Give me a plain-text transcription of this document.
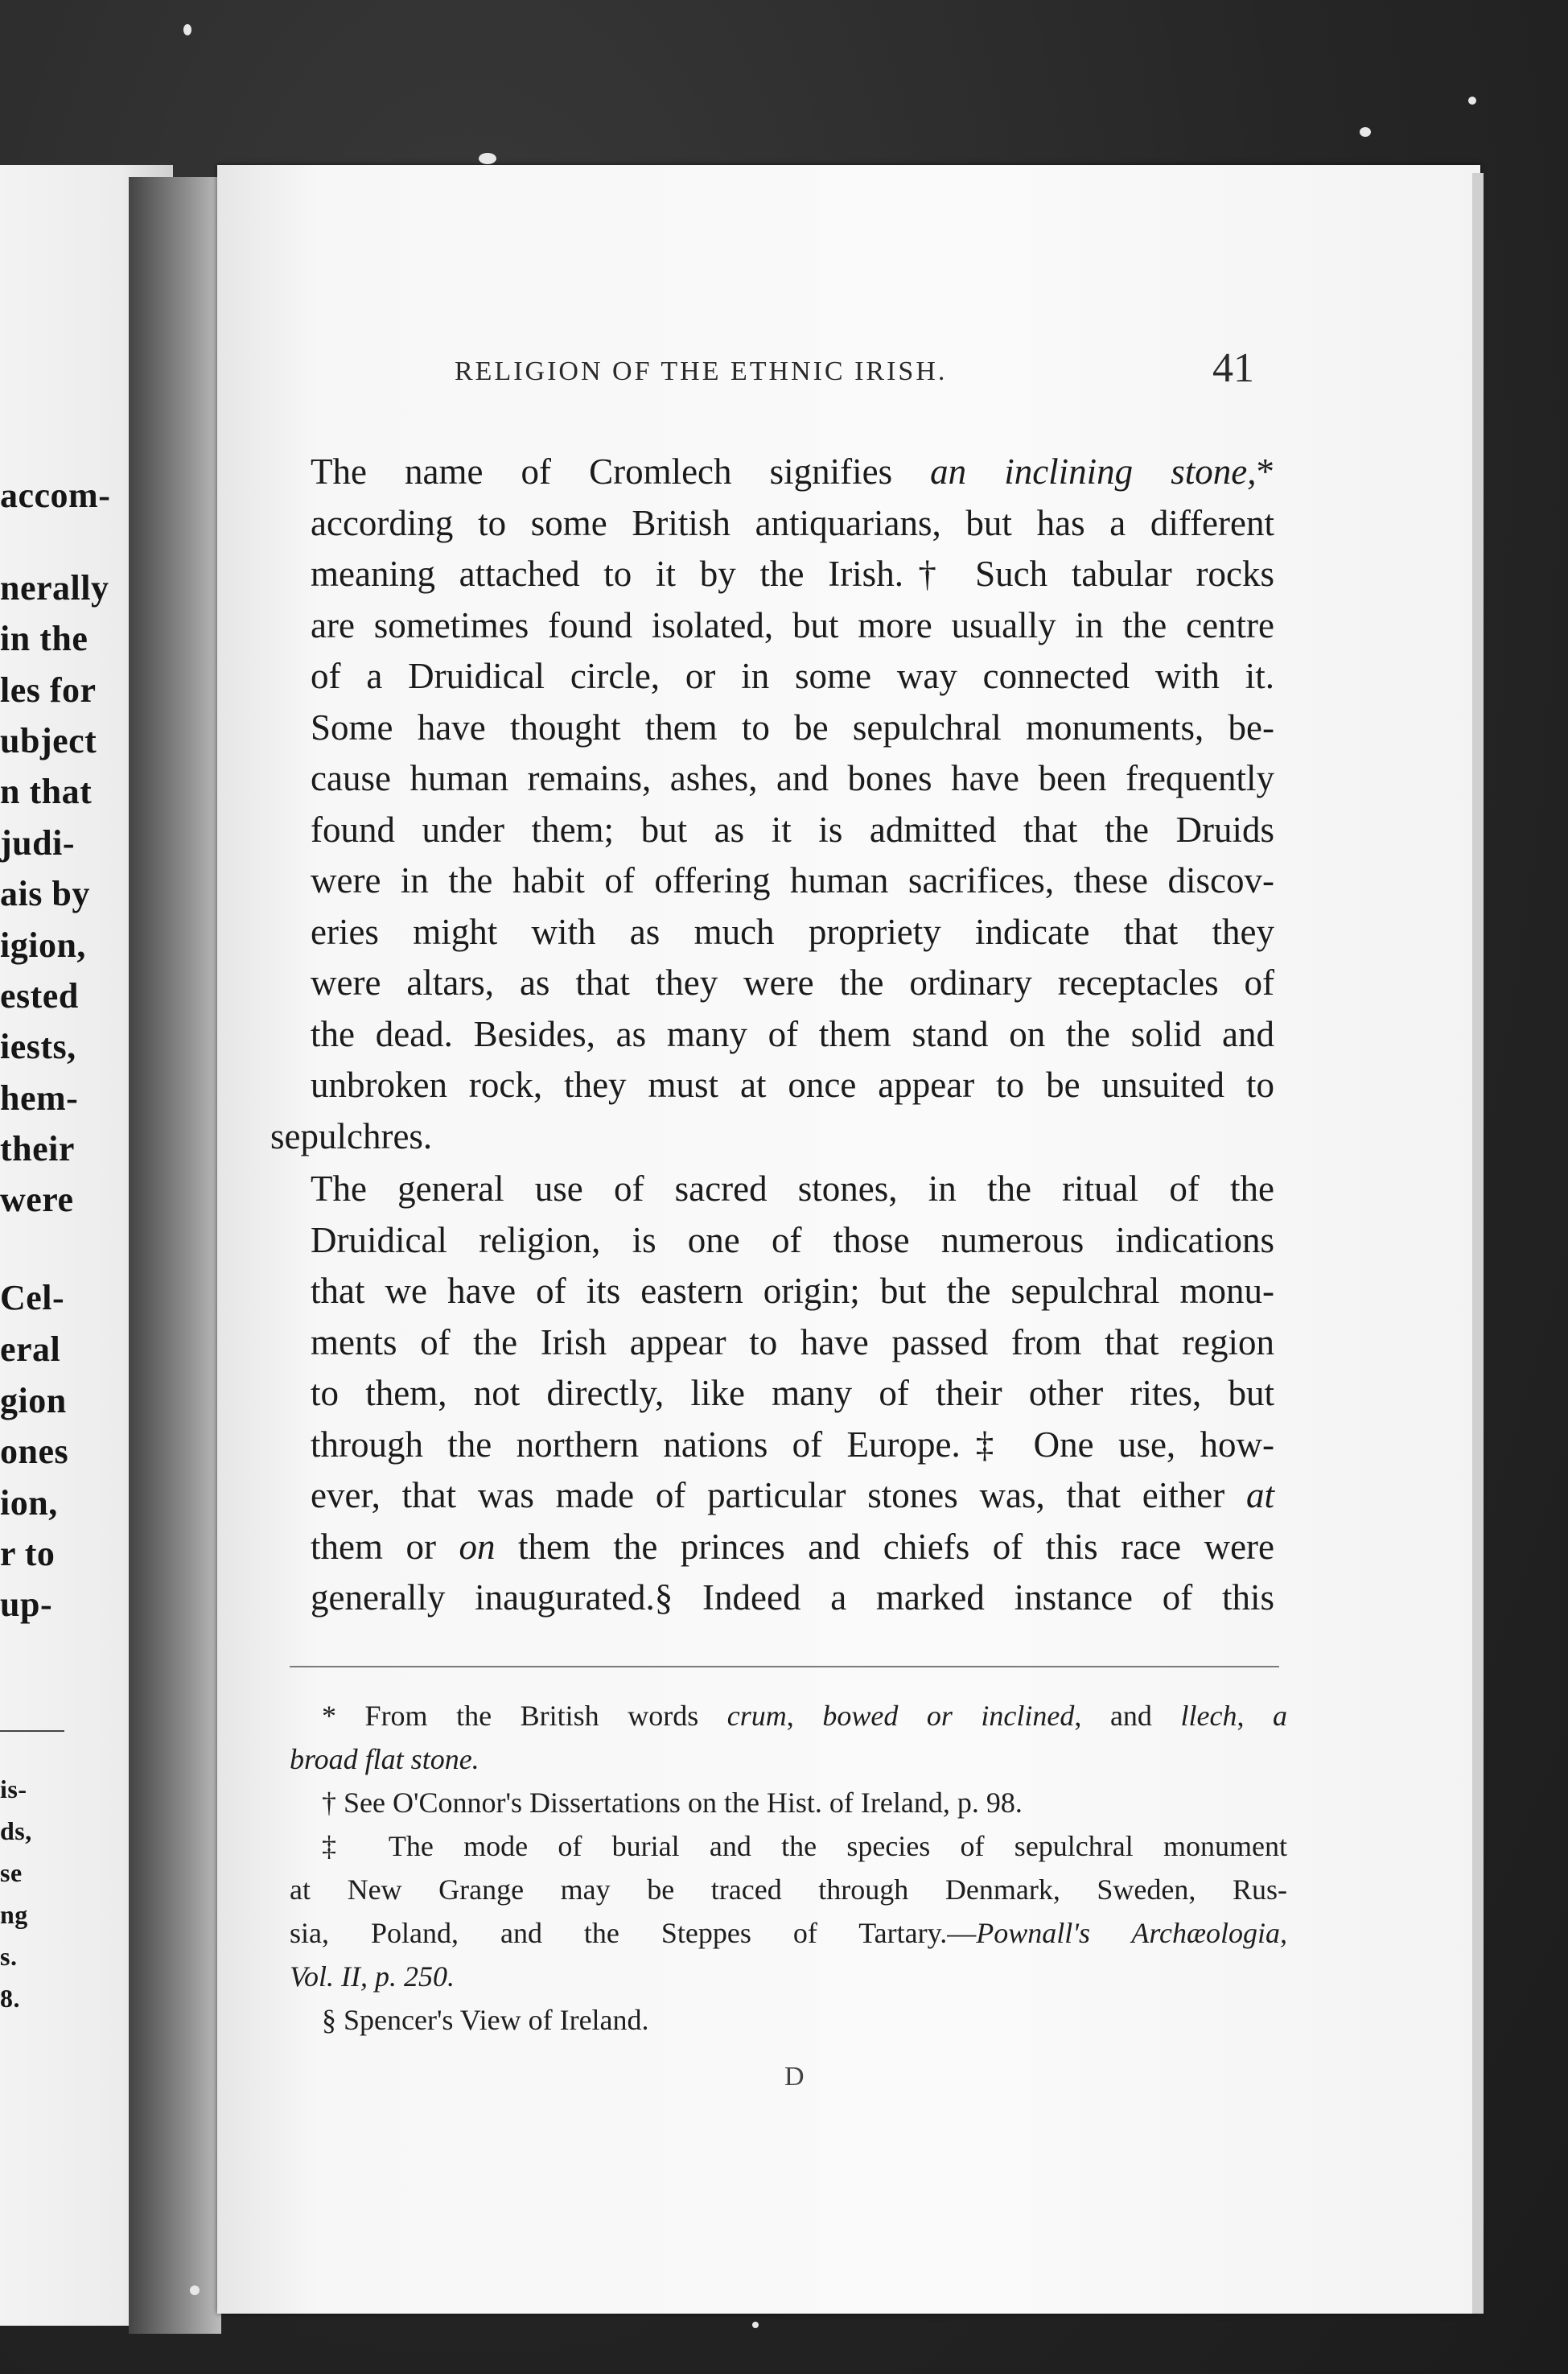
accom-
nerally
in the
les for
ubject
n that
judi-
ais by
igion,
ested
iests,
hem-
their
were
Cel-
eral
gion
ones
ion,
r to
up-
is-
ds,
se
ng
s.
8.
RELIGION OF THE ETHNIC IRISH.	41

The name of Cromlech signifies an inclining stone,*
according to some British antiquarians, but has a different
meaning attached to it by the Irish.† Such tabular rocks
are sometimes found isolated, but more usually in the centre
of a Druidical circle, or in some way connected with it.
Some have thought them to be sepulchral monuments, be-
cause human remains, ashes, and bones have been frequently
found under them; but as it is admitted that the Druids
were in the habit of offering human sacrifices, these discov-
eries might with as much propriety indicate that they
were altars, as that they were the ordinary receptacles of
the dead. Besides, as many of them stand on the solid and
unbroken rock, they must at once appear to be unsuited to
sepulchres.

The general use of sacred stones, in the ritual of the
Druidical religion, is one of those numerous indications
that we have of its eastern origin; but the sepulchral monu-
ments of the Irish appear to have passed from that region
to them, not directly, like many of their other rites, but
through the northern nations of Europe.‡ One use, how-
ever, that was made of particular stones was, that either at
them or on them the princes and chiefs of this race were
generally inaugurated.§ Indeed a marked instance of this

* From the British words crum, bowed or inclined, and llech, a
broad flat stone.

† See O'Connor's Dissertations on the Hist. of Ireland, p. 98.

‡ The mode of burial and the species of sepulchral monument
at New Grange may be traced through Denmark, Sweden, Rus-
sia, Poland, and the Steppes of Tartary.—Pownall's Archæologia,
Vol. II, p. 250.

§ Spencer's View of Ireland.

D
